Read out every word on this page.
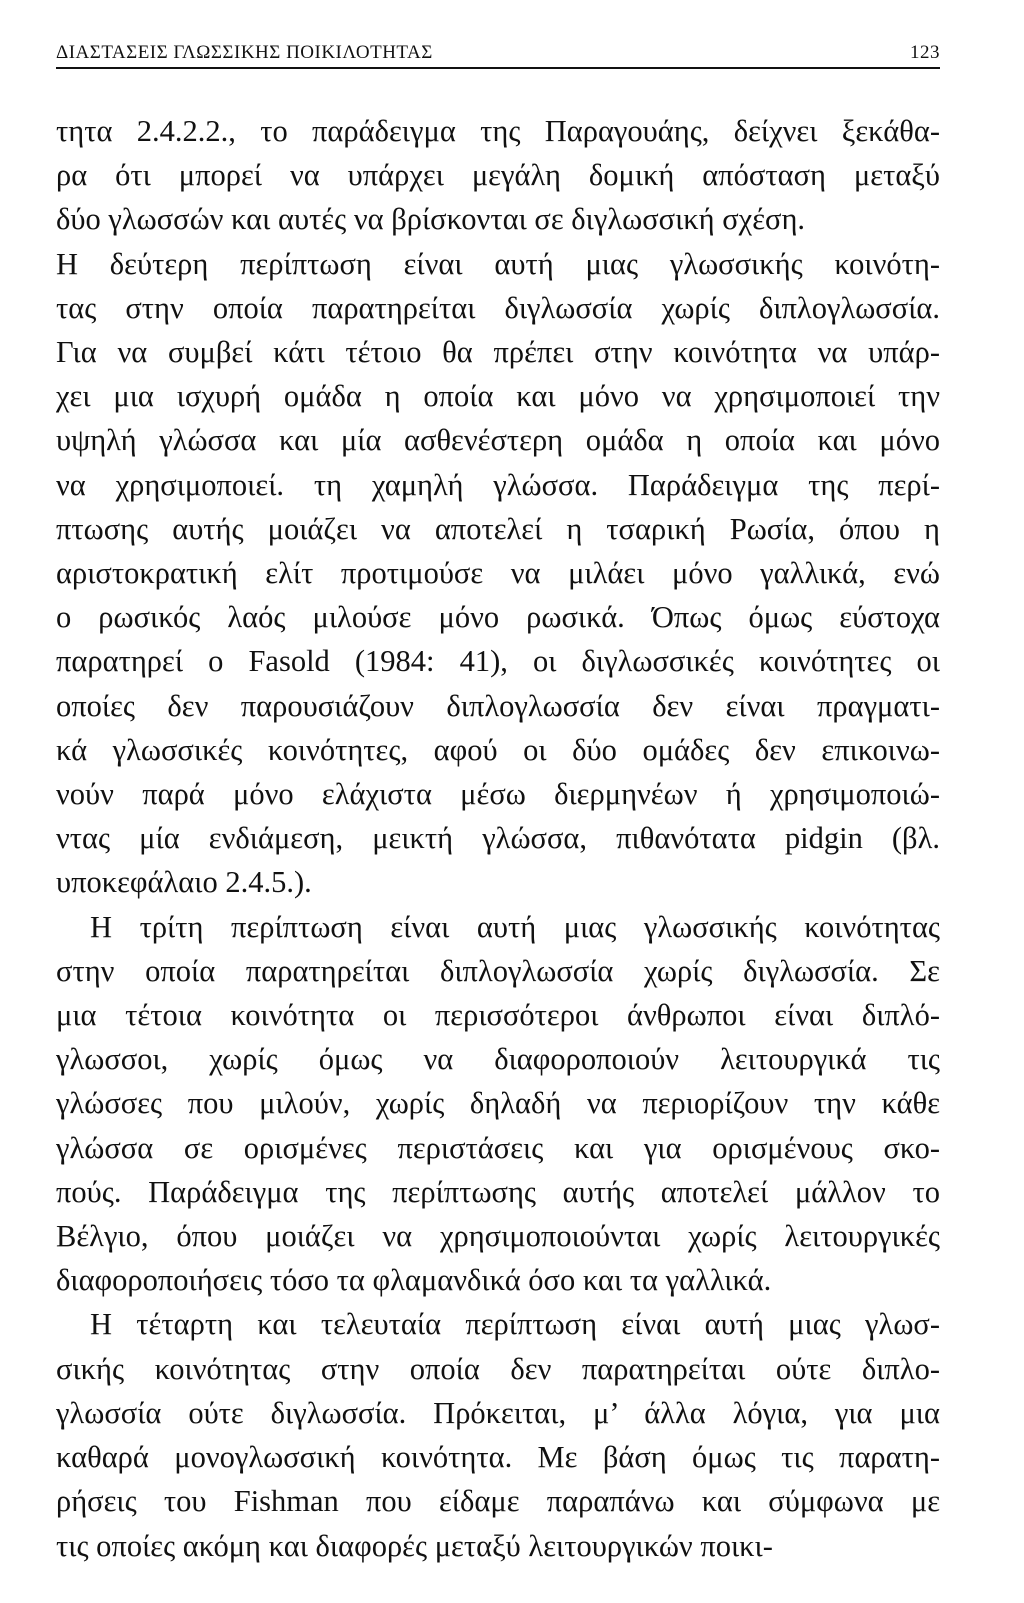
ΔΙΑΣΤΑΣΕΙΣ ΓΛΩΣΣΙΚΗΣ ΠΟΙΚΙΛΟΤΗΤΑΣ	123
τητα 2.4.2.2., το παράδειγμα της Παραγουάης, δείχνει ξεκάθα-
ρα ότι μπορεί να υπάρχει μεγάλη δομική απόσταση μεταξύ
δύο γλωσσών και αυτές να βρίσκονται σε διγλωσσική σχέση.
Η δεύτερη περίπτωση είναι αυτή μιας γλωσσικής κοινότη-
τας στην οποία παρατηρείται διγλωσσία χωρίς διπλογλωσσία.
Για να συμβεί κάτι τέτοιο θα πρέπει στην κοινότητα να υπάρ-
χει μια ισχυρή ομάδα η οποία και μόνο να χρησιμοποιεί την
υψηλή γλώσσα και μία ασθενέστερη ομάδα η οποία και μόνο
να χρησιμοποιεί. τη χαμηλή γλώσσα. Παράδειγμα της περί-
πτωσης αυτής μοιάζει να αποτελεί η τσαρική Ρωσία, όπου η
αριστοκρατική ελίτ προτιμούσε να μιλάει μόνο γαλλικά, ενώ
ο ρωσικός λαός μιλούσε μόνο ρωσικά. Όπως όμως εύστοχα
παρατηρεί ο Fasold (1984: 41), οι διγλωσσικές κοινότητες οι
οποίες δεν παρουσιάζουν διπλογλωσσία δεν είναι πραγματι-
κά γλωσσικές κοινότητες, αφού οι δύο ομάδες δεν επικοινω-
νούν παρά μόνο ελάχιστα μέσω διερμηνέων ή χρησιμοποιώ-
ντας μία ενδιάμεση, μεικτή γλώσσα, πιθανότατα pidgin (βλ.
υποκεφάλαιο 2.4.5.).
Η τρίτη περίπτωση είναι αυτή μιας γλωσσικής κοινότητας
στην οποία παρατηρείται διπλογλωσσία χωρίς διγλωσσία. Σε
μια τέτοια κοινότητα οι περισσότεροι άνθρωποι είναι διπλό-
γλωσσοι, χωρίς όμως να διαφοροποιούν λειτουργικά τις
γλώσσες που μιλούν, χωρίς δηλαδή να περιορίζουν την κάθε
γλώσσα σε ορισμένες περιστάσεις και για ορισμένους σκο-
πούς. Παράδειγμα της περίπτωσης αυτής αποτελεί μάλλον το
Βέλγιο, όπου μοιάζει να χρησιμοποιούνται χωρίς λειτουργικές
διαφοροποιήσεις τόσο τα φλαμανδικά όσο και τα γαλλικά.
Η τέταρτη και τελευταία περίπτωση είναι αυτή μιας γλωσ-
σικής κοινότητας στην οποία δεν παρατηρείται ούτε διπλο-
γλωσσία ούτε διγλωσσία. Πρόκειται, μ’ άλλα λόγια, για μια
καθαρά μονογλωσσική κοινότητα. Με βάση όμως τις παρατη-
ρήσεις του Fishman που είδαμε παραπάνω και σύμφωνα με
τις οποίες ακόμη και διαφορές μεταξύ λειτουργικών ποικι-
